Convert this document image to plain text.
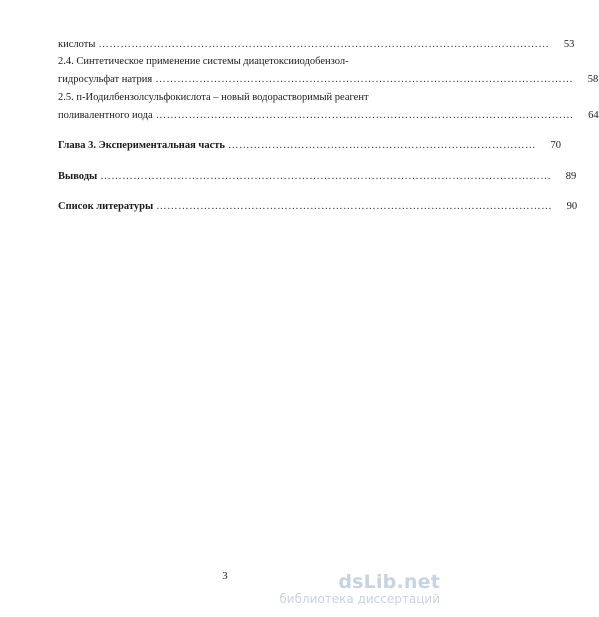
кислоты ……………………………………………………………………………………………………………	53
2.4. Синтетическое применение системы диацетоксииодобензол-
гидросульфат натрия ……………………………………………………………………………………………………	58
2.5. п-Иодилбензолсульфокислота – новый водорастворимый реагент
поливалентного иода ……………………………………………………………………………………………………	64
Глава 3. Экспериментальная часть …………………………………………………………………………	70
Выводы ……………………………………………………………………………………………………………	89
Список литературы ………………………………………………………………………………………………	90
3	dsLib.net
библиотека диссертаций
